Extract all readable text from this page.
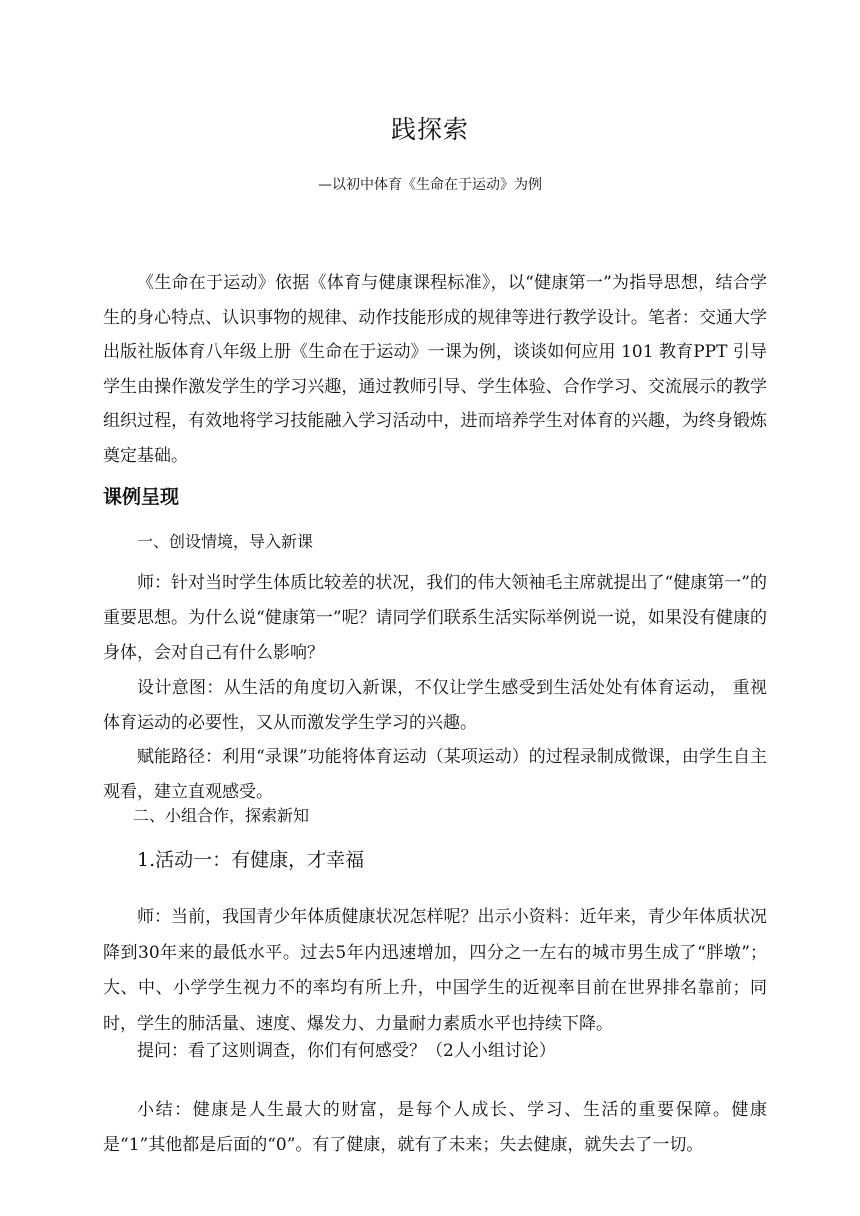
践探索
—以初中体育《生命在于运动》为例
《生命在于运动》依据《体育与健康课程标准》，以“健康第一”为指导思想，结合学生的身心特点、认识事物的规律、动作技能形成的规律等进行教学设计。笔者：交通大学出版社版体育八年级上册《生命在于运动》一课为例，谈谈如何应用 101 教育PPT 引导学生由操作激发学生的学习兴趣，通过教师引导、学生体验、合作学习、交流展示的教学组织过程，有效地将学习技能融入学习活动中，进而培养学生对体育的兴趣，为终身锻炼奠定基础。
课例呈现
一、创设情境，导入新课
师：针对当时学生体质比较差的状况，我们的伟大领袖毛主席就提出了“健康第一”的重要思想。为什么说“健康第一”呢？请同学们联系生活实际举例说一说，如果没有健康的身体，会对自己有什么影响？
设计意图：从生活的角度切入新课，不仅让学生感受到生活处处有体育运动， 重视体育运动的必要性，又从而激发学生学习的兴趣。
赋能路径：利用“录课”功能将体育运动（某项运动）的过程录制成微课，由学生自主观看，建立直观感受。
二、小组合作，探索新知
1.活动一：有健康，才幸福
师：当前，我国青少年体质健康状况怎样呢？出示小资料：近年来，青少年体质状况降到30年来的最低水平。过去5年内迅速增加，四分之一左右的城市男生成了“胖墩”；大、中、小学学生视力不的率均有所上升，中国学生的近视率目前在世界排名靠前；同时，学生的肺活量、速度、爆发力、力量耐力素质水平也持续下降。
提问：看了这则调查，你们有何感受？（2人小组讨论）
小结：健康是人生最大的财富，是每个人成长、学习、生活的重要保障。健康是“1”其他都是后面的“0”。有了健康，就有了未来；失去健康，就失去了一切。
